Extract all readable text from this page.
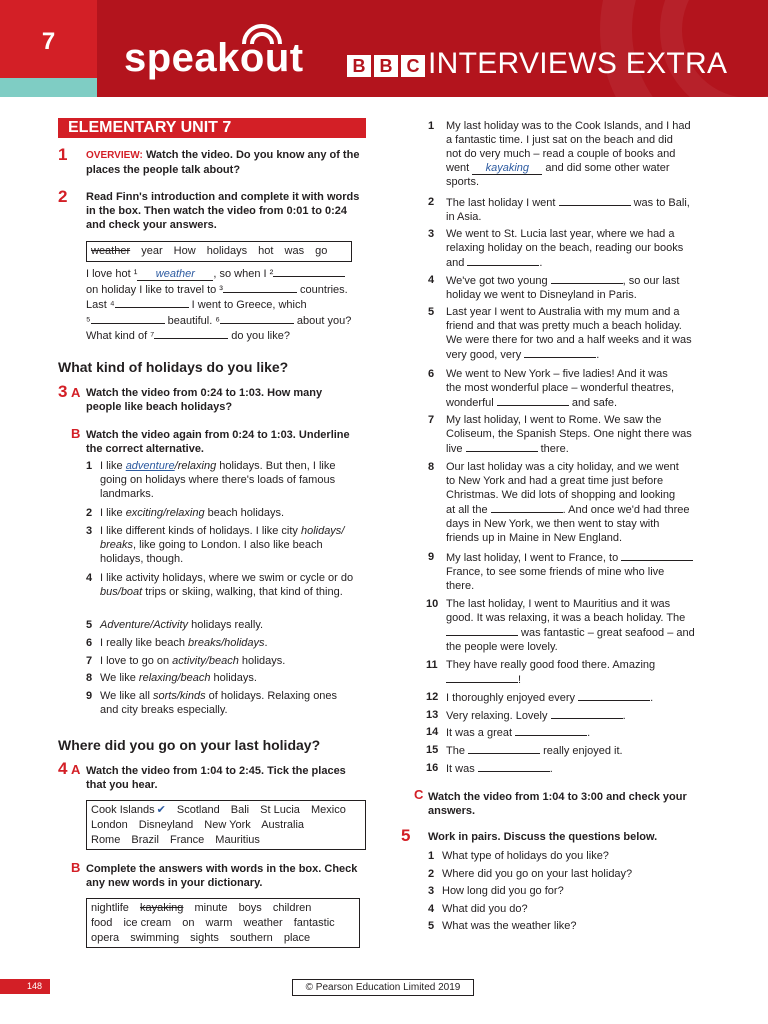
7	speakout	B B C INTERVIEWS EXTRA
ELEMENTARY UNIT 7
1 OVERVIEW: Watch the video. Do you know any of the places the people talk about?
2 Read Finn's introduction and complete it with words in the box. Then watch the video from 0:01 to 0:24 and check your answers.
weather year How holidays hot was go
I love hot ¹ weather , so when I ²
on holiday I like to travel to ³	countries.
Last ⁴	I went to Greece, which
⁵	beautiful. ⁶	about you?
What kind of ⁷	do you like?
What kind of holidays do you like?
3 A Watch the video from 0:24 to 1:03. How many people like beach holidays?
B Watch the video again from 0:24 to 1:03. Underline the correct alternative.
Where did you go on your last holiday?
4 A Watch the video from 1:04 to 2:45. Tick the places that you hear.
Cook Islands ✔ Scotland Bali St Lucia Mexico
London Disneyland New York Australia
Rome Brazil France Mauritius
B Complete the answers with words in the box. Check any new words in your dictionary.
nightlife kayaking minute boys children
food ice cream on warm weather fantastic
opera swimming sights southern place
C Watch the video from 1:04 to 3:00 and check your answers.
5 Work in pairs. Discuss the questions below.
148	© Pearson Education Limited 2019
1 I like adventure/relaxing holidays. But then, I like going on holidays where there's loads of famous landmarks.
2 I like exciting/relaxing beach holidays.
3 I like different kinds of holidays. I like city holidays/ breaks, like going to London. I also like beach holidays, though.
4 I like activity holidays, where we swim or cycle or do bus/boat trips or skiing, walking, that kind of thing.
5 Adventure/Activity holidays really.
6 I really like beach breaks/holidays.
7 I love to go on activity/beach holidays.
8 We like relaxing/beach holidays.
9 We like all sorts/kinds of holidays. Relaxing ones and city breaks especially.
1 My last holiday was to the Cook Islands, and I had
a fantastic time. I just sat on the beach and did
not do very much – read a couple of books and
went kayaking and did some other water
sports.
2 The last holiday I went	was to Bali,
in Asia.
3 We went to St. Lucia last year, where we had a
relaxing holiday on the beach, reading our books
and	.
4 We've got two young	, so our last
holiday we went to Disneyland in Paris.
5 Last year I went to Australia with my mum and a
friend and that was pretty much a beach holiday.
We were there for two and a half weeks and it was
very good, very	.
6 We went to New York – five ladies! And it was
the most wonderful place – wonderful theatres,
wonderful	and safe.
7 My last holiday, I went to Rome. We saw the
Coliseum, the Spanish Steps. One night there was
live	there.
8 Our last holiday was a city holiday, and we went
to New York and had a great time just before
Christmas. We did lots of shopping and looking
at all the	. And once we'd had three
days in New York, we then went to stay with
friends up in Maine in New England.
9 My last holiday, I went to France, to
France, to see some friends of mine who live
there.
10 The last holiday, I went to Mauritius and it was
good. It was relaxing, it was a beach holiday. The
was fantastic – great seafood – and
the people were lovely.
11 They have really good food there. Amazing
!
12 I thoroughly enjoyed every	.
13 Very relaxing. Lovely	.
14 It was a great	.
15 The	really enjoyed it.
16 It was	.
1 What type of holidays do you like?
2 Where did you go on your last holiday?
3 How long did you go for?
4 What did you do?
5 What was the weather like?
